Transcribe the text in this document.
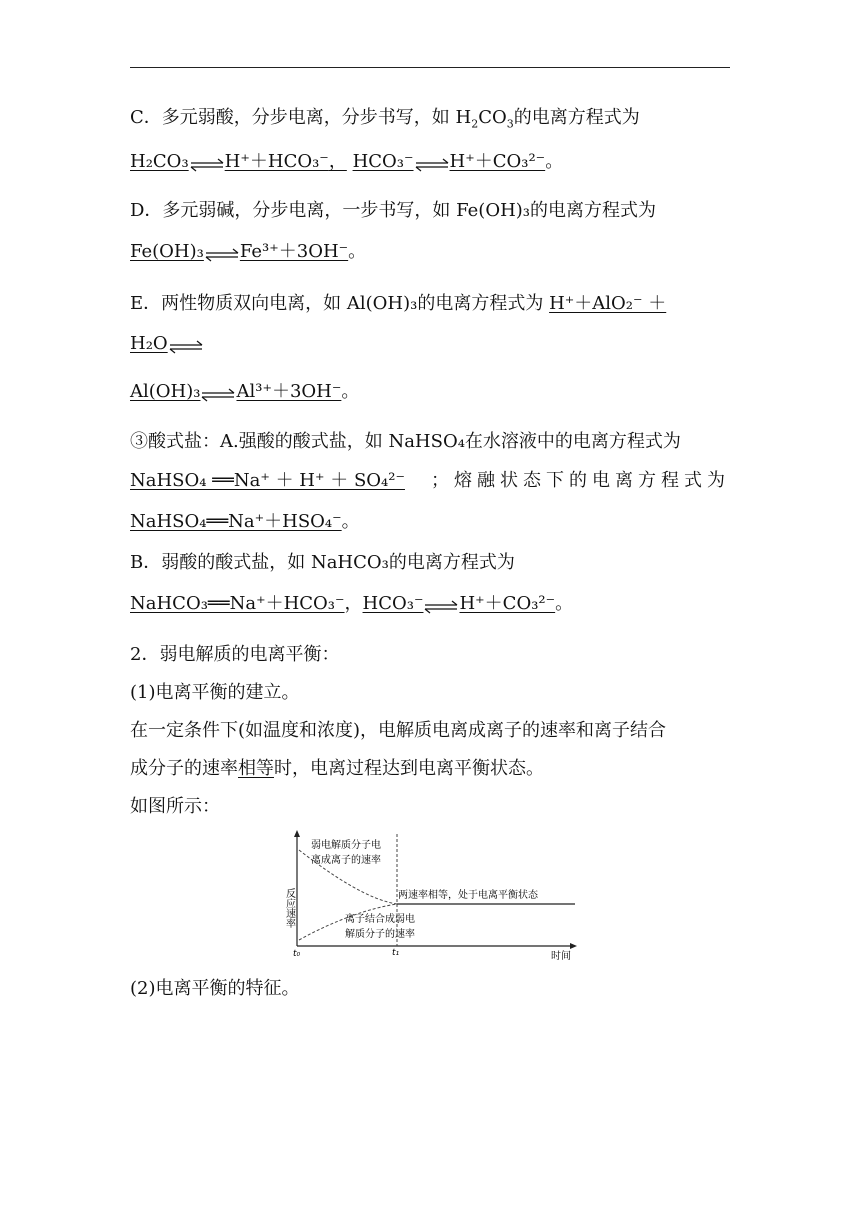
C．多元弱酸，分步电离，分步书写，如 $H_2CO_3$的电离方程式为
H₂CO₃⇌H⁺＋HCO₃⁻， HCO₃⁻⇌H⁺＋CO₃²⁻。
D．多元弱碱，分步电离，一步书写，如 Fe(OH)₃的电离方程式为
Fe(OH)₃⇌Fe³⁺＋3OH⁻。
E．两性物质双向电离，如 Al(OH)₃的电离方程式为 H⁺＋AlO₂⁻ ＋
H₂O⇌
Al(OH)₃⇌Al³⁺＋3OH⁻。
③酸式盐：A.强酸的酸式盐，如 NaHSO₄在水溶液中的电离方程式为
NaHSO₄ ══Na⁺ ＋ H⁺ ＋ SO₄²⁻ ；熔融状态下的电离方程式为
NaHSO₄══Na⁺＋HSO₄⁻。
B．弱酸的酸式盐，如 NaHCO₃的电离方程式为
NaHCO₃══Na⁺＋HCO₃⁻，HCO₃⁻⇌H⁺＋CO₃²⁻。
2．弱电解质的电离平衡：
(1)电离平衡的建立。
在一定条件下(如温度和浓度)，电解质电离成离子的速率和离子结合
成分子的速率相等时，电离过程达到电离平衡状态。
如图所示：
反应速率
时间
t₀	t₁
弱电解质分子电
离成离子的速率
两速率相等，处于电离平衡状态
离子结合成弱电
解质分子的速率
(2)电离平衡的特征。
